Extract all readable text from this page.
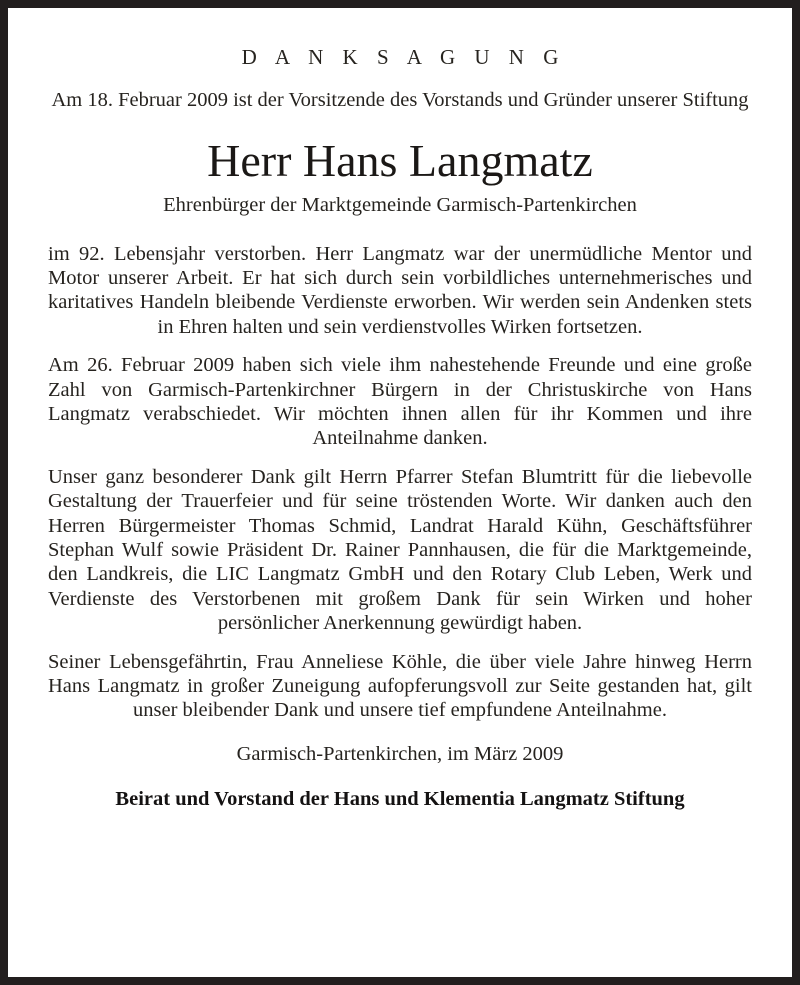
D A N K S A G U N G

Am 18. Februar 2009 ist der Vorsitzende des Vorstands und Gründer unserer Stiftung

Herr Hans Langmatz
Ehrenbürger der Marktgemeinde Garmisch-Partenkirchen

im 92. Lebensjahr verstorben. Herr Langmatz war der unermüdliche Mentor und Motor unserer Arbeit. Er hat sich durch sein vorbildliches unternehmerisches und karitatives Handeln bleibende Verdienste erworben. Wir werden sein Andenken stets in Ehren halten und sein verdienstvolles Wirken fortsetzen.

Am 26. Februar 2009 haben sich viele ihm nahestehende Freunde und eine große Zahl von Garmisch-Partenkirchner Bürgern in der Christuskirche von Hans Langmatz verabschiedet. Wir möchten ihnen allen für ihr Kommen und ihre Anteilnahme danken.

Unser ganz besonderer Dank gilt Herrn Pfarrer Stefan Blumtritt für die liebevolle Gestaltung der Trauerfeier und für seine tröstenden Worte. Wir danken auch den Herren Bürgermeister Thomas Schmid, Landrat Harald Kühn, Geschäftsführer Stephan Wulf sowie Präsident Dr. Rainer Pannhausen, die für die Marktgemeinde, den Landkreis, die LIC Langmatz GmbH und den Rotary Club Leben, Werk und Verdienste des Verstorbenen mit großem Dank für sein Wirken und hoher persönlicher Anerkennung gewürdigt haben.

Seiner Lebensgefährtin, Frau Anneliese Köhle, die über viele Jahre hinweg Herrn Hans Langmatz in großer Zuneigung aufopferungsvoll zur Seite gestanden hat, gilt unser bleibender Dank und unsere tief empfundene Anteilnahme.

Garmisch-Partenkirchen, im März 2009
Beirat und Vorstand der Hans und Klementia Langmatz Stiftung
